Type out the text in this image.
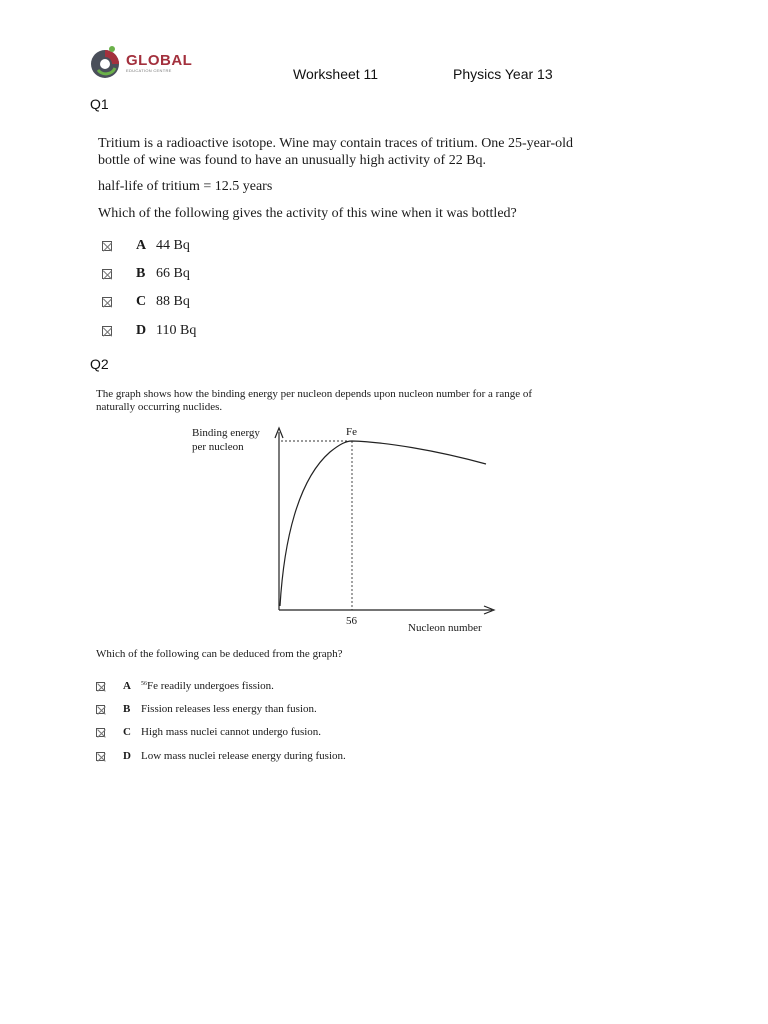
GLOBAL
EDUCATION CENTRE	Worksheet 11	Physics Year 13
Q1
Tritium is a radioactive isotope. Wine may contain traces of tritium. One 25-year-old bottle of wine was found to have an unusually high activity of 22 Bq.
half-life of tritium = 12.5 years
Which of the following gives the activity of this wine when it was bottled?
A 44 Bq
B 66 Bq
C 88 Bq
D 110 Bq
Q2
The graph shows how the binding energy per nucleon depends upon nucleon number for a range of naturally occurring nuclides.
Binding energy
per nucleon
Fe
56
Nucleon number
Which of the following can be deduced from the graph?
A	$^{56}$Fe readily undergoes fission.
B Fission releases less energy than fusion.
C High mass nuclei cannot undergo fusion.
D Low mass nuclei release energy during fusion.
